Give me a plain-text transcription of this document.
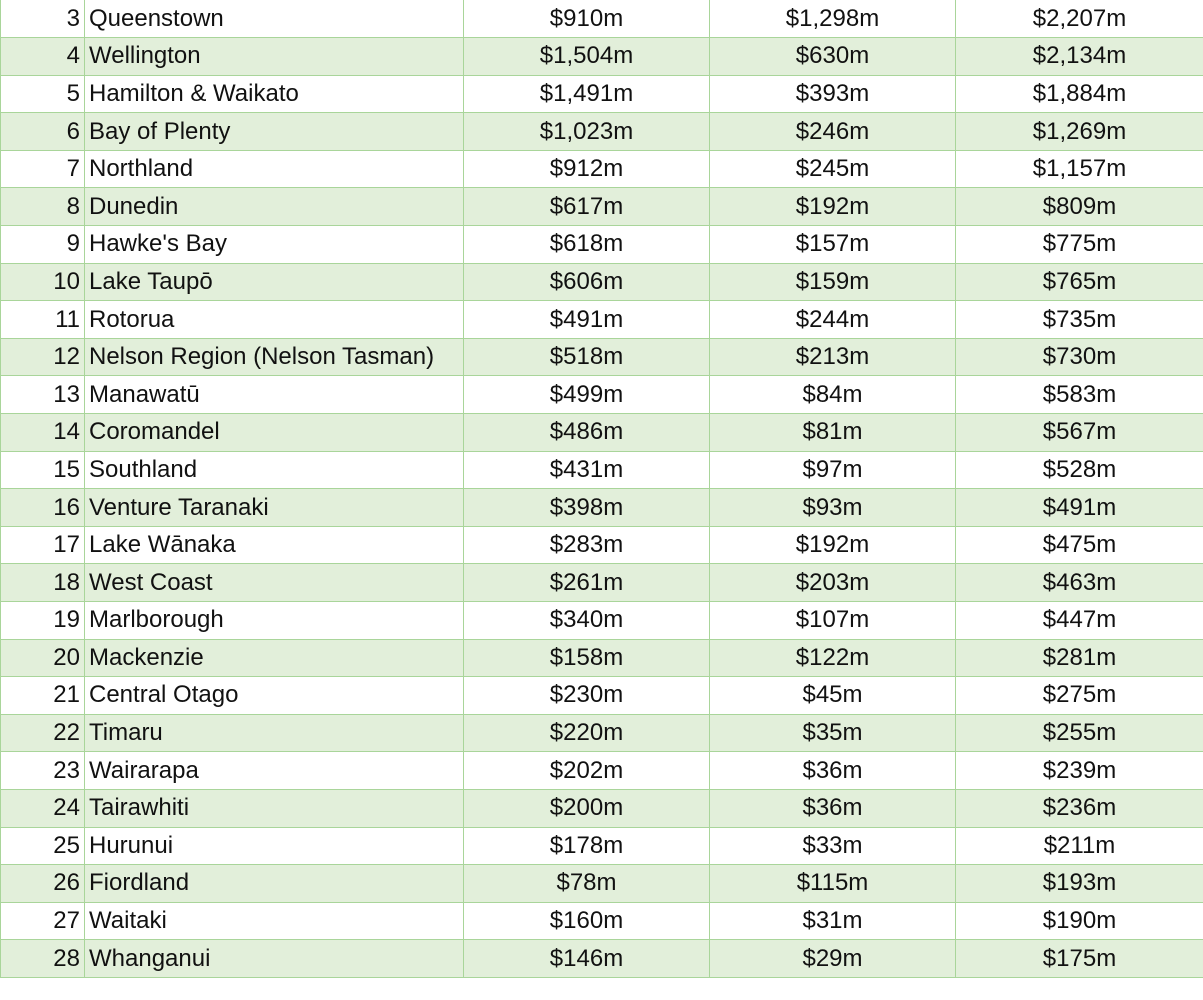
3	Queenstown	$910m	$1,298m	$2,207m
4	Wellington	$1,504m	$630m	$2,134m
5	Hamilton & Waikato	$1,491m	$393m	$1,884m
6	Bay of Plenty	$1,023m	$246m	$1,269m
7	Northland	$912m	$245m	$1,157m
8	Dunedin	$617m	$192m	$809m
9	Hawke's Bay	$618m	$157m	$775m
10	Lake Taupō	$606m	$159m	$765m
11	Rotorua	$491m	$244m	$735m
12	Nelson Region (Nelson Tasman)	$518m	$213m	$730m
13	Manawatū	$499m	$84m	$583m
14	Coromandel	$486m	$81m	$567m
15	Southland	$431m	$97m	$528m
16	Venture Taranaki	$398m	$93m	$491m
17	Lake Wānaka	$283m	$192m	$475m
18	West Coast	$261m	$203m	$463m
19	Marlborough	$340m	$107m	$447m
20	Mackenzie	$158m	$122m	$281m
21	Central Otago	$230m	$45m	$275m
22	Timaru	$220m	$35m	$255m
23	Wairarapa	$202m	$36m	$239m
24	Tairawhiti	$200m	$36m	$236m
25	Hurunui	$178m	$33m	$211m
26	Fiordland	$78m	$115m	$193m
27	Waitaki	$160m	$31m	$190m
28	Whanganui	$146m	$29m	$175m
